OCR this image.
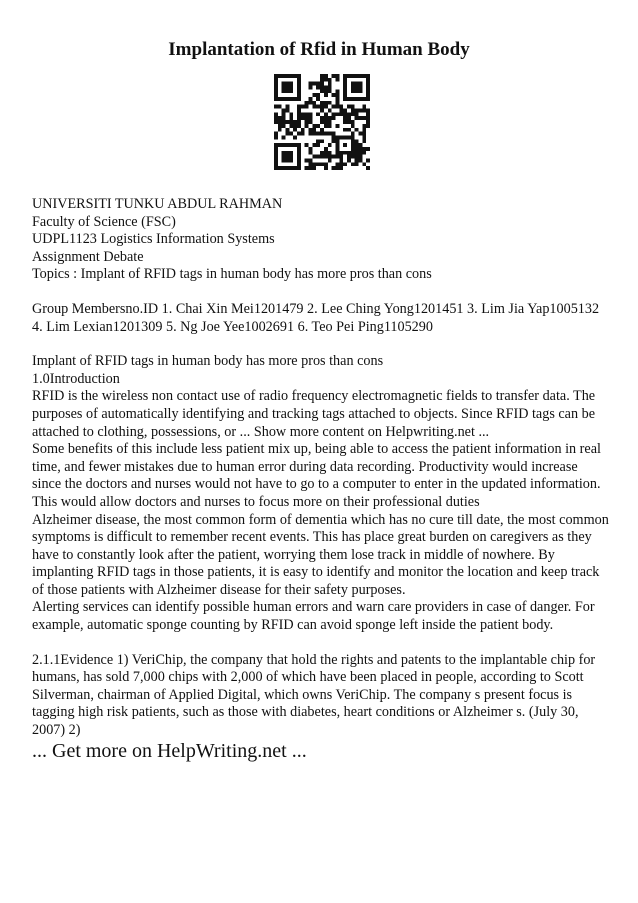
Implantation of Rfid in Human Body

UNIVERSITI TUNKU ABDUL RAHMAN

Faculty of Science (FSC)

UDPL1123 Logistics Information Systems

Assignment Debate

Topics : Implant of RFID tags in human body has more pros than cons

Group Membersno.ID 1. Chai Xin Mei1201479 2. Lee Ching Yong1201451 3. Lim Jia Yap1005132 4. Lim Lexian1201309 5. Ng Joe Yee1002691 6. Teo Pei Ping1105290

Implant of RFID tags in human body has more pros than cons

1.0Introduction

RFID is the wireless non contact use of radio frequency electromagnetic fields to transfer data. The purposes of automatically identifying and tracking tags attached to objects. Since RFID tags can be attached to clothing, possessions, or ... Show more content on Helpwriting.net ...

Some benefits of this include less patient mix up, being able to access the patient information in real time, and fewer mistakes due to human error during data recording. Productivity would increase since the doctors and nurses would not have to go to a computer to enter in the updated information. This would allow doctors and nurses to focus more on their professional duties

Alzheimer disease, the most common form of dementia which has no cure till date, the most common symptoms is difficult to remember recent events. This has place great burden on caregivers as they have to constantly look after the patient, worrying them lose track in middle of nowhere. By implanting RFID tags in those patients, it is easy to identify and monitor the location and keep track of those patients with Alzheimer disease for their safety purposes.

Alerting services can identify possible human errors and warn care providers in case of danger. For example, automatic sponge counting by RFID can avoid sponge left inside the patient body.

2.1.1Evidence 1) VeriChip, the company that hold the rights and patents to the implantable chip for humans, has sold 7,000 chips with 2,000 of which have been placed in people, according to Scott Silverman, chairman of Applied Digital, which owns VeriChip. The company s present focus is tagging high risk patients, such as those with diabetes, heart conditions or Alzheimer s. (July 30, 2007) 2)

... Get more on HelpWriting.net ...
